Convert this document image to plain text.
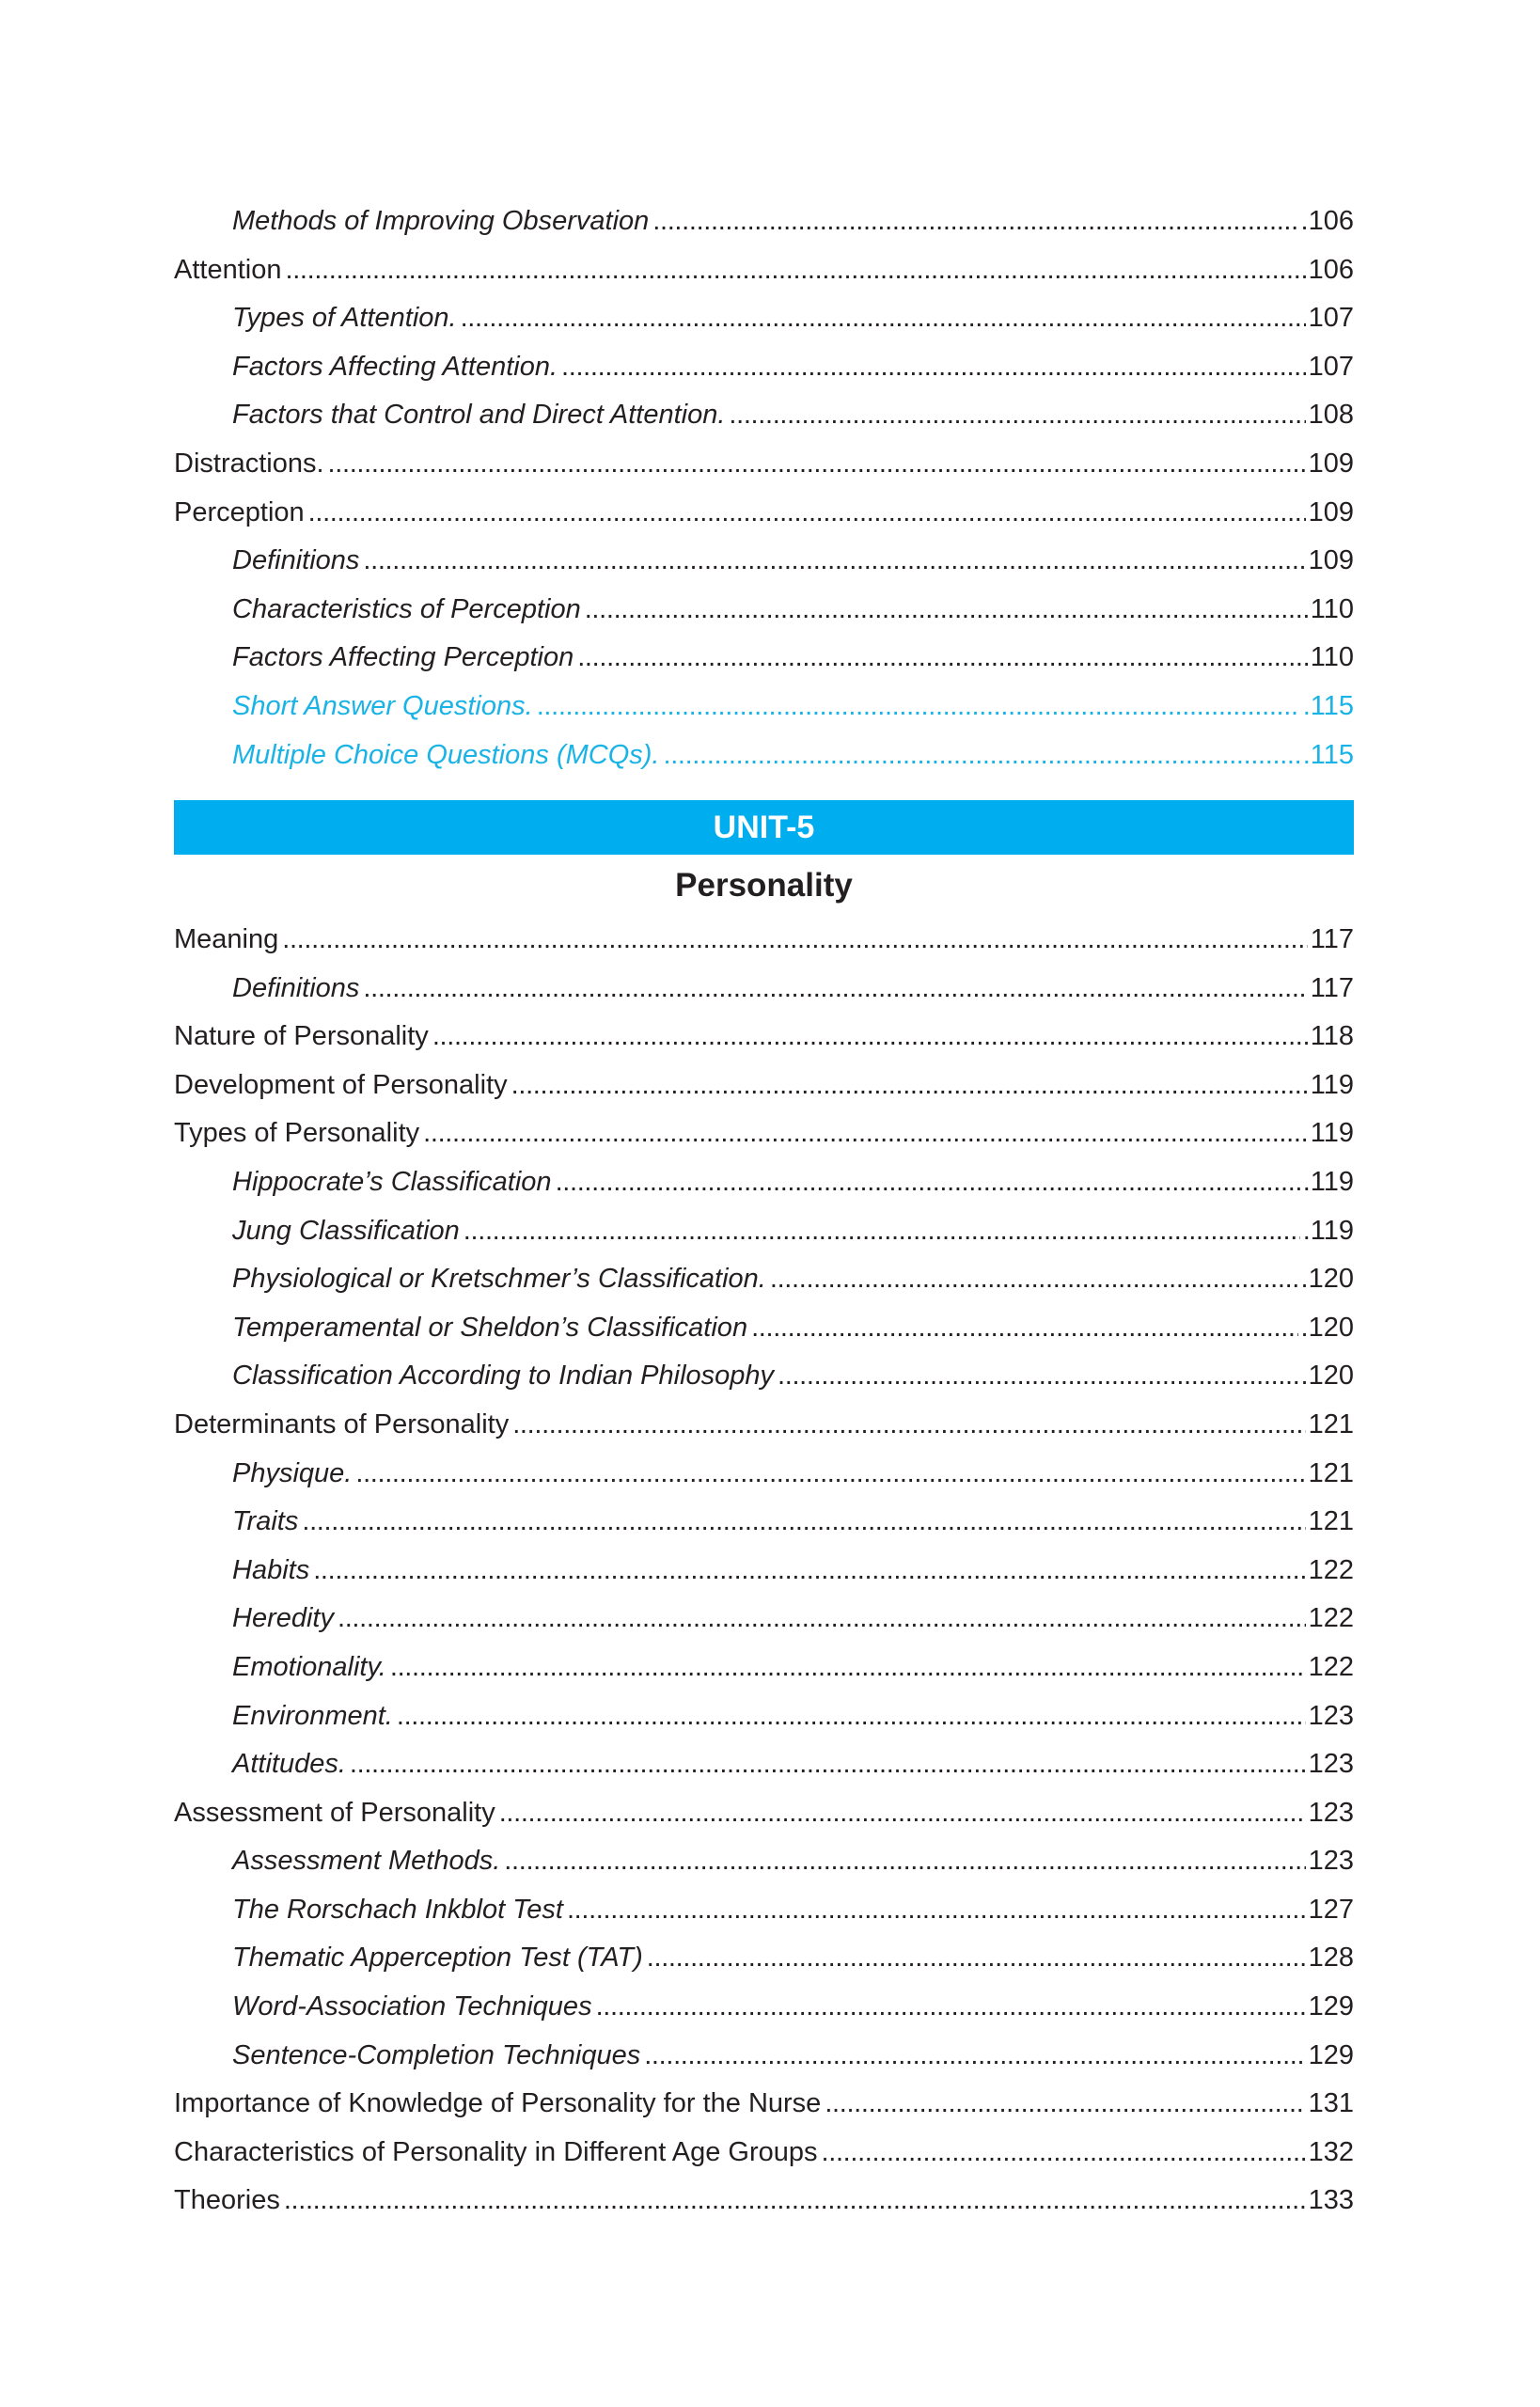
Methods of Improving Observation . . .	.106
Attention . . .	106
Types of Attention. . . .	107
Factors Affecting Attention. . . .	107
Factors that Control and Direct Attention. . . .	108
Distractions. . . .	109
Perception . . .	109
Definitions . . .	109
Characteristics of Perception . . .	110
Factors Affecting Perception . . .	110
Short Answer Questions. . . .	.115
Multiple Choice Questions (MCQs). . . .	.115
UNIT-5
Personality
Meaning . . .	117
Definitions . . .	117
Nature of Personality . . .	118
Development of Personality . . .	119
Types of Personality . . .	119
Hippocrate’s Classification . . .	.119
Jung Classification . . .	.119
Physiological or Kretschmer’s Classification. . . .	.120
Temperamental or Sheldon’s Classification . . .	.120
Classification According to Indian Philosophy . . .	.120
Determinants of Personality . . .	121
Physique. . . .	121
Traits . . .	121
Habits . . .	122
Heredity . . .	122
Emotionality. . . .	122
Environment. . . .	123
Attitudes. . . .	123
Assessment of Personality . . .	123
Assessment Methods. . . .	123
The Rorschach Inkblot Test . . .	127
Thematic Apperception Test (TAT) . . .	128
Word-Association Techniques . . .	129
Sentence-Completion Techniques . . .	129
Importance of Knowledge of Personality for the Nurse . . .	131
Characteristics of Personality in Different Age Groups . . .	132
Theories . . .	133
